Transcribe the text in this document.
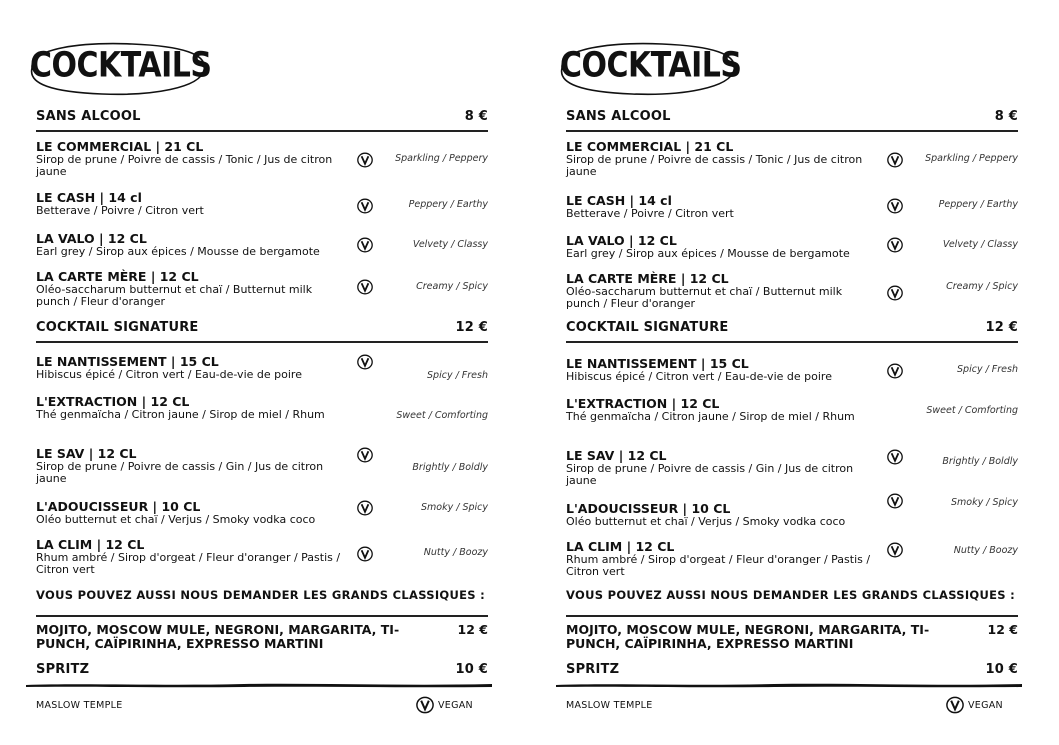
COCKTAILS
SANS ALCOOL	8 €
LE COMMERCIAL | 21 CL
Sirop de prune / Poivre de cassis / Tonic / Jus de citron jaune
Sparkling / Peppery
LE CASH | 14 cl
Betterave / Poivre / Citron vert	Peppery / Earthy
LA VALO | 12 CL
Earl grey / Sirop aux épices / Mousse de bergamote
Velvety / Classy
LA CARTE MÈRE | 12 CL
Oléo-saccharum butternut et chaï / Butternut milk punch / Fleur d'oranger
Creamy / Spicy
COCKTAIL SIGNATURE	12 €
LE NANTISSEMENT | 15 CL
Hibiscus épicé / Citron vert / Eau-de-vie de poire	Spicy / Fresh
L'EXTRACTION | 12 CL
Thé genmaïcha / Citron jaune / Sirop de miel / Rhum	Sweet / Comforting
LE SAV | 12 CL
Sirop de prune / Poivre de cassis / Gin / Jus de citron jaune
Brightly / Boldly
L'ADOUCISSEUR | 10 CL
Oléo butternut et chaï / Verjus / Smoky vodka coco
Smoky / Spicy
LA CLIM | 12 CL
Rhum ambré / Sirop d'orgeat / Fleur d'oranger / Pastis / Citron vert
Nutty / Boozy
VOUS POUVEZ AUSSI NOUS DEMANDER LES GRANDS CLASSIQUES :
MOJITO, MOSCOW MULE, NEGRONI, MARGARITA, TI-PUNCH, CAÏPIRINHA, EXPRESSO MARTINI
12 €
SPRITZ	10 €
MASLOW TEMPLE	VEGAN
COCKTAILS
SANS ALCOOL	8 €
LE COMMERCIAL | 21 CL
Sirop de prune / Poivre de cassis / Tonic / Jus de citron jaune
Sparkling / Peppery
LE CASH | 14 cl
Betterave / Poivre / Citron vert
Peppery / Earthy
LA VALO | 12 CL
Earl grey / Sirop aux épices / Mousse de bergamote
Velvety / Classy
LA CARTE MÈRE | 12 CL
Oléo-saccharum butternut et chaï / Butternut milk punch / Fleur d'oranger
Creamy / Spicy
COCKTAIL SIGNATURE	12 €
LE NANTISSEMENT | 15 CL
Hibiscus épicé / Citron vert / Eau-de-vie de poire
Spicy / Fresh
L'EXTRACTION | 12 CL
Thé genmaïcha / Citron jaune / Sirop de miel / Rhum	Sweet / Comforting
LE SAV | 12 CL
Sirop de prune / Poivre de cassis / Gin / Jus de citron jaune
Brightly / Boldly
L'ADOUCISSEUR | 10 CL
Oléo butternut et chaï / Verjus / Smoky vodka coco
Smoky / Spicy
LA CLIM | 12 CL
Rhum ambré / Sirop d'orgeat / Fleur d'oranger / Pastis / Citron vert
Nutty / Boozy
VOUS POUVEZ AUSSI NOUS DEMANDER LES GRANDS CLASSIQUES :
MOJITO, MOSCOW MULE, NEGRONI, MARGARITA, TI-PUNCH, CAÏPIRINHA, EXPRESSO MARTINI
12 €
SPRITZ	10 €
MASLOW TEMPLE	VEGAN
